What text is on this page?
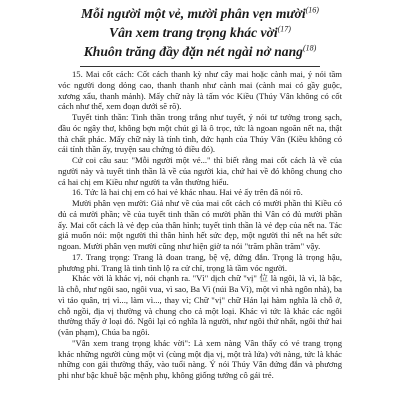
Mỗi người một vẻ, mười phân vẹn mười$^{(16)}$
Vân xem trang trọng khác vời$^{(17)}$
Khuôn trăng đầy đặn nét ngài nở nang$^{(18)}$

15. Mai cốt cách: Cốt cách thanh kỳ như cây mai hoặc cành mai, ý nói tầm vóc người dong dỏng cao, thanh thanh như cành mai (cành mai có gầy guộc, xương xẩu, thanh mảnh). Mấy chữ này là tấm vóc Kiều (Thúy Vân không có cốt cách như thế, xem đoạn dưới sẽ rõ).

Tuyết tinh thần: Tinh thần trong trắng như tuyết, ý nói tư tưởng trong sạch, đầu óc ngây thơ, không bợn một chút gì là ô trọc, tức là ngoan ngoãn nết na, thật thà chất phác. Mấy chữ này là tính tình, đức hạnh của Thúy Vân (Kiều không có cái tính thần ấy, truyện sau chứng tỏ điều đó).

Cứ coi câu sau: "Mỗi người một vẻ..." thì biết rằng mai cốt cách là về của người này và tuyết tinh thần là về của người kia, chứ hai về đó không chung cho cả hai chị em Kiều như người ta vẫn thường hiểu.

16. Tức là hai chị em có hai vẻ khác nhau. Hai vẻ ấy trên đã nói rõ.

Mười phân vẹn mười: Giả như về của mai cốt cách có mười phần thì Kiều có đủ cả mười phần; về của tuyết tinh thần có mười phần thì Vân có đủ mười phần ấy. Mai cốt cách là vẻ đẹp của thân hình; tuyết tinh thần là vẻ đẹp của nết na. Tác giả muốn nói: một người thì thân hình hết sức đẹp, một người thì nết na hết sức ngoan. Mười phân vẹn mười cũng như hiện giờ ta nói "trăm phần trăm" vậy.

17. Trang trọng: Trang là đoan trang, bệ vệ, đứng đắn. Trọng là trọng hậu, phương phi. Trang là tinh tình lộ ra cử chỉ, trọng là tầm vóc người.

Khác vời là khác vị, nói chạnh ra. "Vì" dịch chữ "vị" 位 là ngôi, là vì, là bậc, là chỗ, như ngôi sao, ngôi vua, vì sao, Ba Vì (núi Ba Vì), một vì nhà ngôn nhà), ba vì tảo quân, trị vì..., làm vì..., thay vì; Chữ "vị" chữ Hán lại hàm nghĩa là chỗ ở, chỗ ngồi, địa vị thường và chung cho cả một loại. Khác vì tức là khác các ngôi thường thấy ở loại đó. Ngôi lại có nghĩa là người, như ngôi thứ nhất, ngôi thứ hai (văn phạm), Chúa ba ngôi.

"Vân xem trang trọng khác vời": Là xem nàng Vân thấy có vẻ trang trọng khác những người cùng một vì (cùng một địa vị, một trà lứa) với nàng, tức là khác những con gái thường thấy, vào tuổi nàng. Ý nói Thúy Vân đứng đắn và phương phi như bậc khuê bậc mệnh phụ, không giống tướng cô gái trẻ.
